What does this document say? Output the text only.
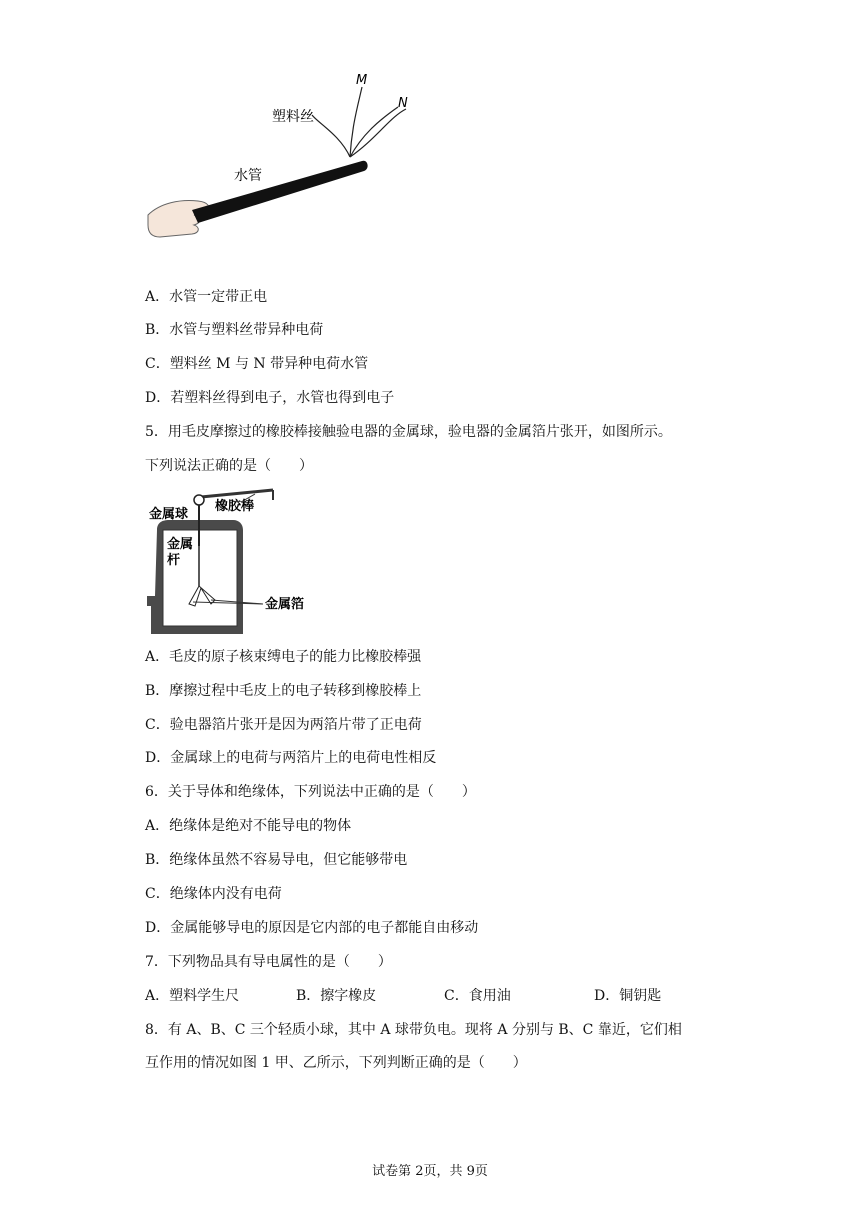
M
N
塑料丝
水管
A．水管一定带正电
B．水管与塑料丝带异种电荷
C．塑料丝 M 与 N 带异种电荷水管
D．若塑料丝得到电子，水管也得到电子
5．用毛皮摩擦过的橡胶棒接触验电器的金属球，验电器的金属箔片张开，如图所示。
下列说法正确的是（　　）
金属球
橡胶棒
金属
杆
金属箔
A．毛皮的原子核束缚电子的能力比橡胶棒强
B．摩擦过程中毛皮上的电子转移到橡胶棒上
C．验电器箔片张开是因为两箔片带了正电荷
D．金属球上的电荷与两箔片上的电荷电性相反
6．关于导体和绝缘体，下列说法中正确的是（　　）
A．绝缘体是绝对不能导电的物体
B．绝缘体虽然不容易导电，但它能够带电
C．绝缘体内没有电荷
D．金属能够导电的原因是它内部的电子都能自由移动
7．下列物品具有导电属性的是（　　）
A．塑料学生尺	B．擦字橡皮	C．食用油	D．铜钥匙
8．有 A、B、C 三个轻质小球，其中 A 球带负电。现将 A 分别与 B、C 靠近，它们相
互作用的情况如图 1 甲、乙所示，下列判断正确的是（　　）
试卷第 2页，共 9页
